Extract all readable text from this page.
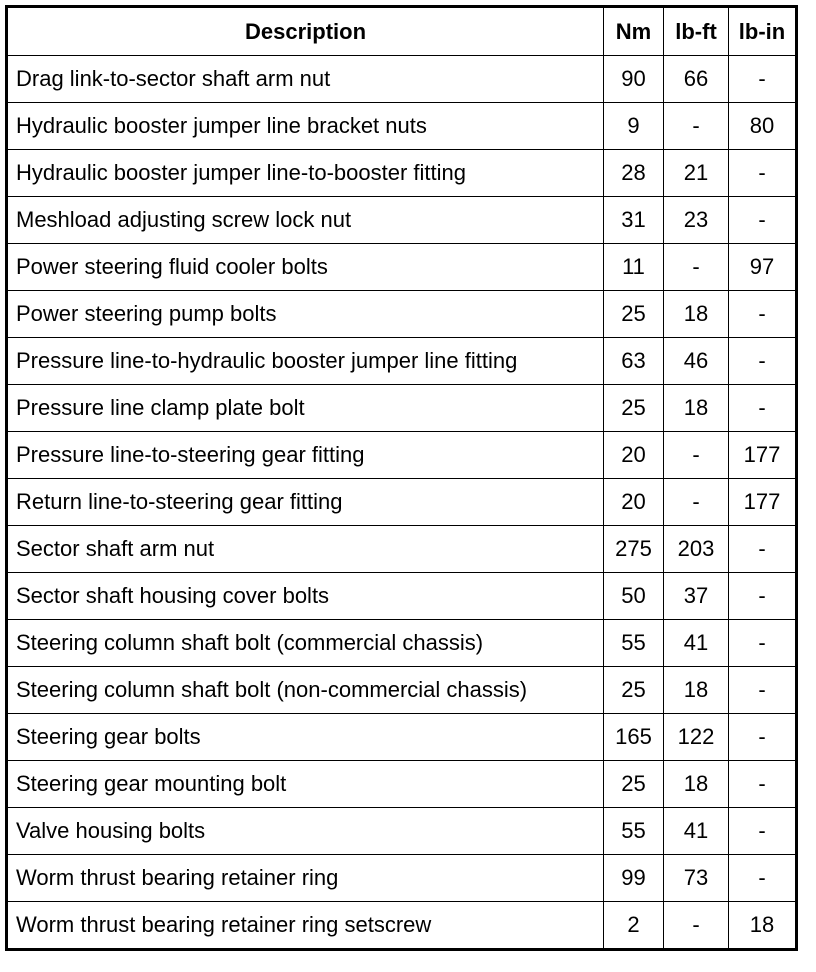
Description	Nm	lb-ft	lb-in
Drag link-to-sector shaft arm nut	90	66	-
Hydraulic booster jumper line bracket nuts	9	-	80
Hydraulic booster jumper line-to-booster fitting	28	21	-
Meshload adjusting screw lock nut	31	23	-
Power steering fluid cooler bolts	11	-	97
Power steering pump bolts	25	18	-
Pressure line-to-hydraulic booster jumper line fitting	63	46	-
Pressure line clamp plate bolt	25	18	-
Pressure line-to-steering gear fitting	20	-	177
Return line-to-steering gear fitting	20	-	177
Sector shaft arm nut	275	203	-
Sector shaft housing cover bolts	50	37	-
Steering column shaft bolt (commercial chassis)	55	41	-
Steering column shaft bolt (non-commercial chassis)	25	18	-
Steering gear bolts	165	122	-
Steering gear mounting bolt	25	18	-
Valve housing bolts	55	41	-
Worm thrust bearing retainer ring	99	73	-
Worm thrust bearing retainer ring setscrew	2	-	18
